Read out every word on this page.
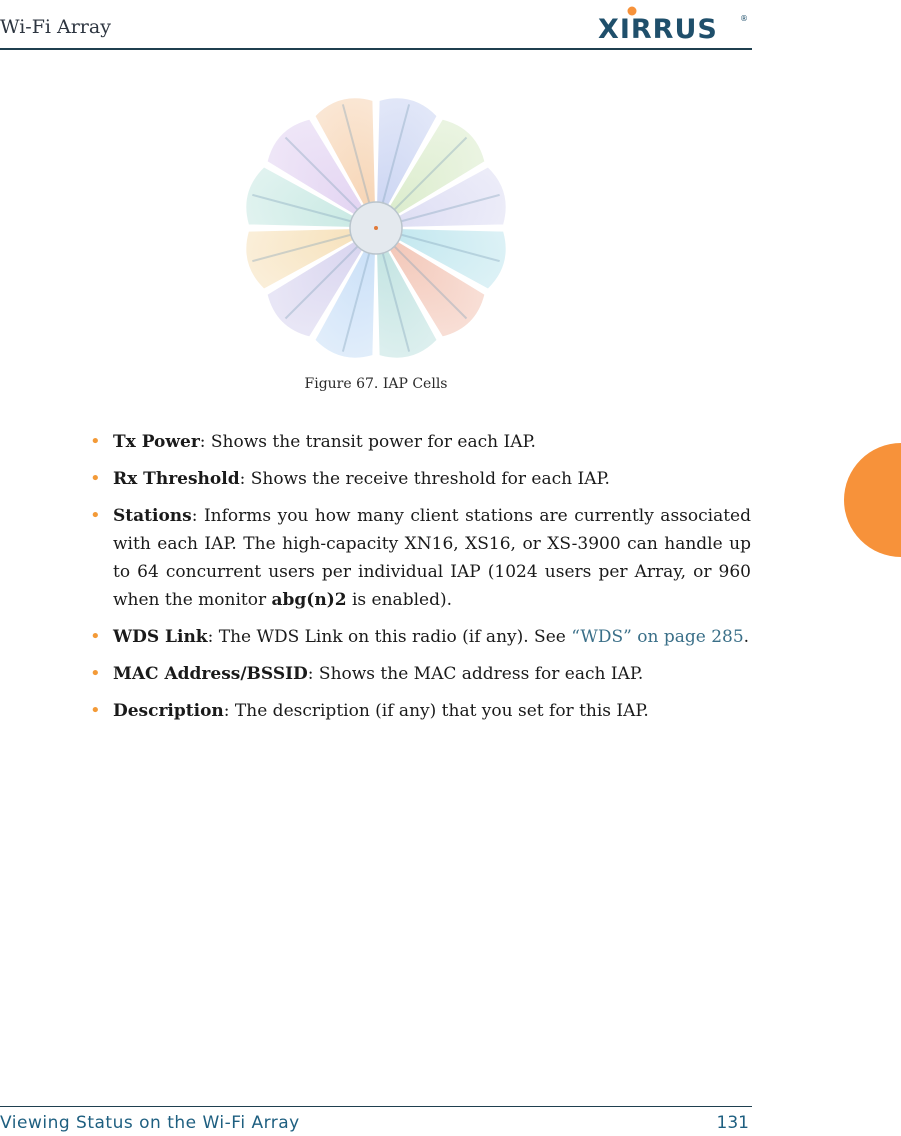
Wi-Fi Array	XIRRUS	®
Figure 67. IAP Cells
• Tx Power: Shows the transit power for each IAP.
• Rx Threshold: Shows the receive threshold for each IAP.
• Stations: Informs you how many client stations are currently associated with each IAP. The high-capacity XN16, XS16, or XS-3900 can handle up to 64 concurrent users per individual IAP (1024 users per Array, or 960 when the monitor abg(n)2 is enabled).
• WDS Link: The WDS Link on this radio (if any). See “WDS” on page 285.
• MAC Address/BSSID: Shows the MAC address for each IAP.
• Description: The description (if any) that you set for this IAP.
Viewing Status on the Wi-Fi Array	131
